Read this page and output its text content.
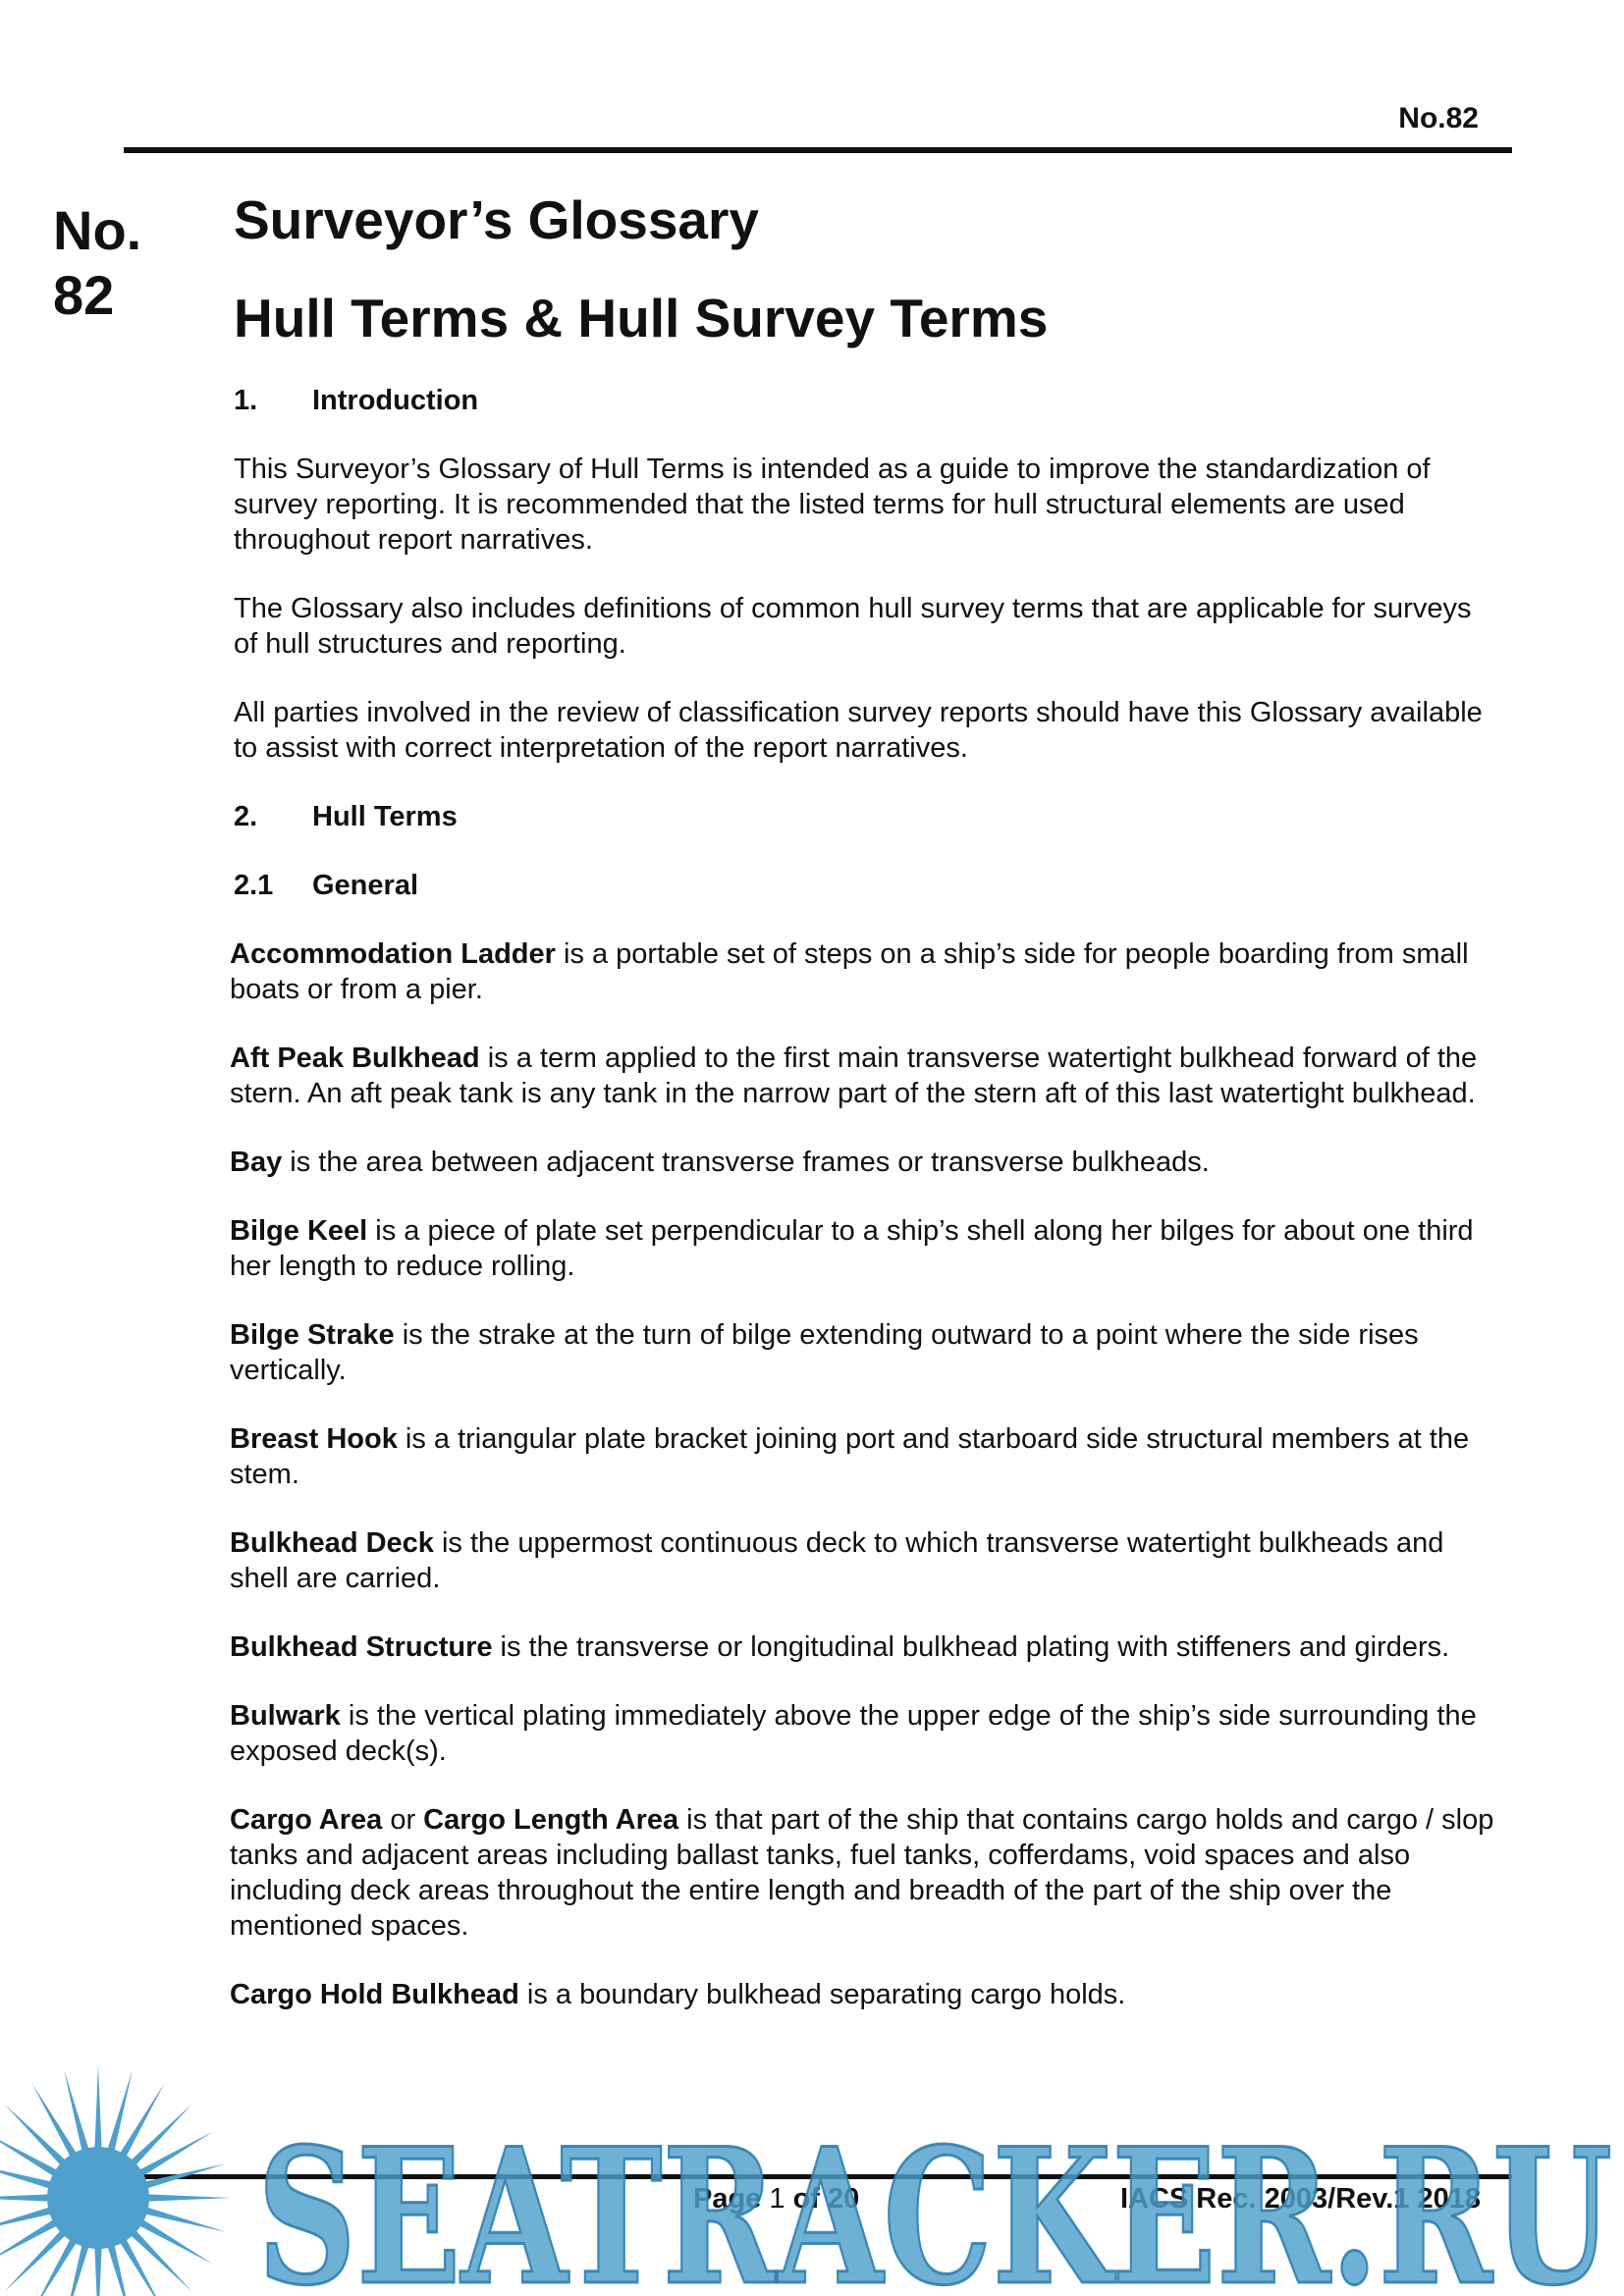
No.82
No.
82
Surveyor’s Glossary
Hull Terms & Hull Survey Terms
1.	Introduction

This Surveyor’s Glossary of Hull Terms is intended as a guide to improve the standardization of survey reporting. It is recommended that the listed terms for hull structural elements are used throughout report narratives.

The Glossary also includes definitions of common hull survey terms that are applicable for surveys of hull structures and reporting.

All parties involved in the review of classification survey reports should have this Glossary available to assist with correct interpretation of the report narratives.

2.	Hull Terms
2.1	General

Accommodation Ladder is a portable set of steps on a ship’s side for people boarding from small boats or from a pier.

Aft Peak Bulkhead is a term applied to the first main transverse watertight bulkhead forward of the stern. An aft peak tank is any tank in the narrow part of the stern aft of this last watertight bulkhead.

Bay is the area between adjacent transverse frames or transverse bulkheads.

Bilge Keel is a piece of plate set perpendicular to a ship’s shell along her bilges for about one third her length to reduce rolling.

Bilge Strake is the strake at the turn of bilge extending outward to a point where the side rises vertically.

Breast Hook is a triangular plate bracket joining port and starboard side structural members at the stem.

Bulkhead Deck is the uppermost continuous deck to which transverse watertight bulkheads and shell are carried.

Bulkhead Structure is the transverse or longitudinal bulkhead plating with stiffeners and girders.

Bulwark is the vertical plating immediately above the upper edge of the ship’s side surrounding the exposed deck(s).

Cargo Area or Cargo Length Area is that part of the ship that contains cargo holds and cargo / slop tanks and adjacent areas including ballast tanks, fuel tanks, cofferdams, void spaces and also including deck areas throughout the entire length and breadth of the part of the ship over the mentioned spaces.

Cargo Hold Bulkhead is a boundary bulkhead separating cargo holds.

Page 1 of 20	IACS Rec. 2003/Rev.1 2018
SEATRACKER.RU
